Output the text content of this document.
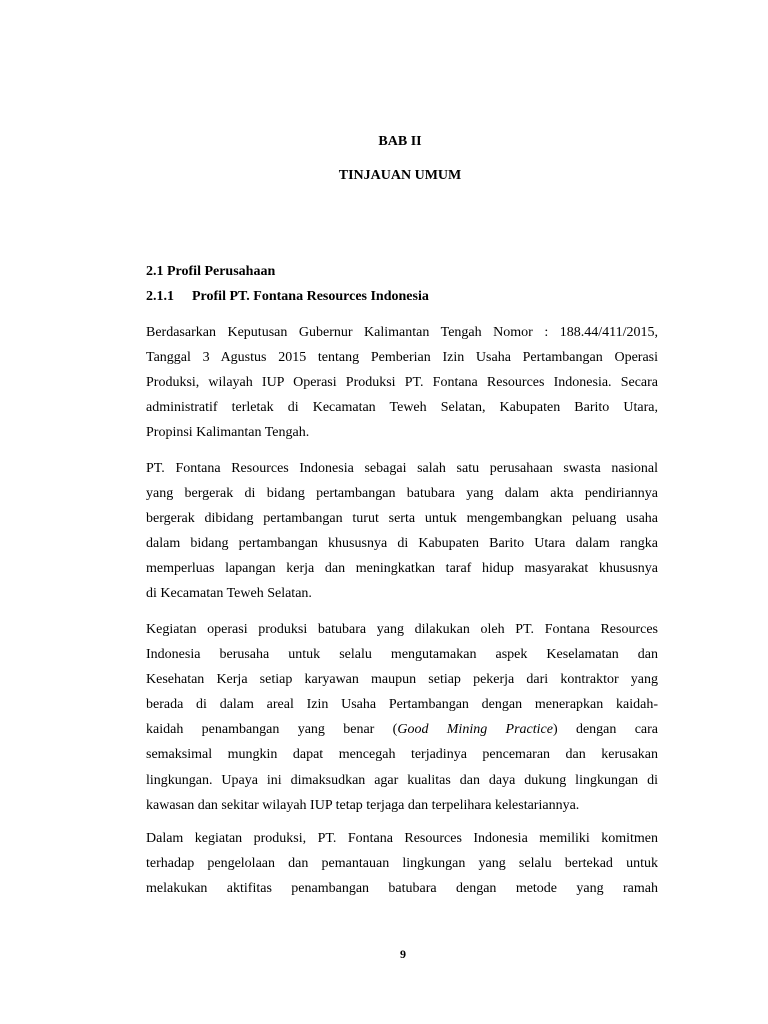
BAB II
TINJAUAN UMUM
2.1 Profil Perusahaan
2.1.1 Profil PT. Fontana Resources Indonesia
Berdasarkan Keputusan Gubernur Kalimantan Tengah Nomor : 188.44/411/2015,
Tanggal 3 Agustus 2015 tentang Pemberian Izin Usaha Pertambangan Operasi
Produksi, wilayah IUP Operasi Produksi PT. Fontana Resources Indonesia. Secara
administratif terletak di Kecamatan Teweh Selatan, Kabupaten Barito Utara,
Propinsi Kalimantan Tengah.
PT. Fontana Resources Indonesia sebagai salah satu perusahaan swasta nasional
yang bergerak di bidang pertambangan batubara yang dalam akta pendiriannya
bergerak dibidang pertambangan turut serta untuk mengembangkan peluang usaha
dalam bidang pertambangan khususnya di Kabupaten Barito Utara dalam rangka
memperluas lapangan kerja dan meningkatkan taraf hidup masyarakat khususnya
di Kecamatan Teweh Selatan.
Kegiatan operasi produksi batubara yang dilakukan oleh PT. Fontana Resources
Indonesia berusaha untuk selalu mengutamakan aspek Keselamatan dan
Kesehatan Kerja setiap karyawan maupun setiap pekerja dari kontraktor yang
berada di dalam areal Izin Usaha Pertambangan dengan menerapkan kaidah-
kaidah penambangan yang benar (Good Mining Practice) dengan cara
semaksimal mungkin dapat mencegah terjadinya pencemaran dan kerusakan
lingkungan. Upaya ini dimaksudkan agar kualitas dan daya dukung lingkungan di
kawasan dan sekitar wilayah IUP tetap terjaga dan terpelihara kelestariannya.
Dalam kegiatan produksi, PT. Fontana Resources Indonesia memiliki komitmen
terhadap pengelolaan dan pemantauan lingkungan yang selalu bertekad untuk
melakukan aktifitas penambangan batubara dengan metode yang ramah
9
